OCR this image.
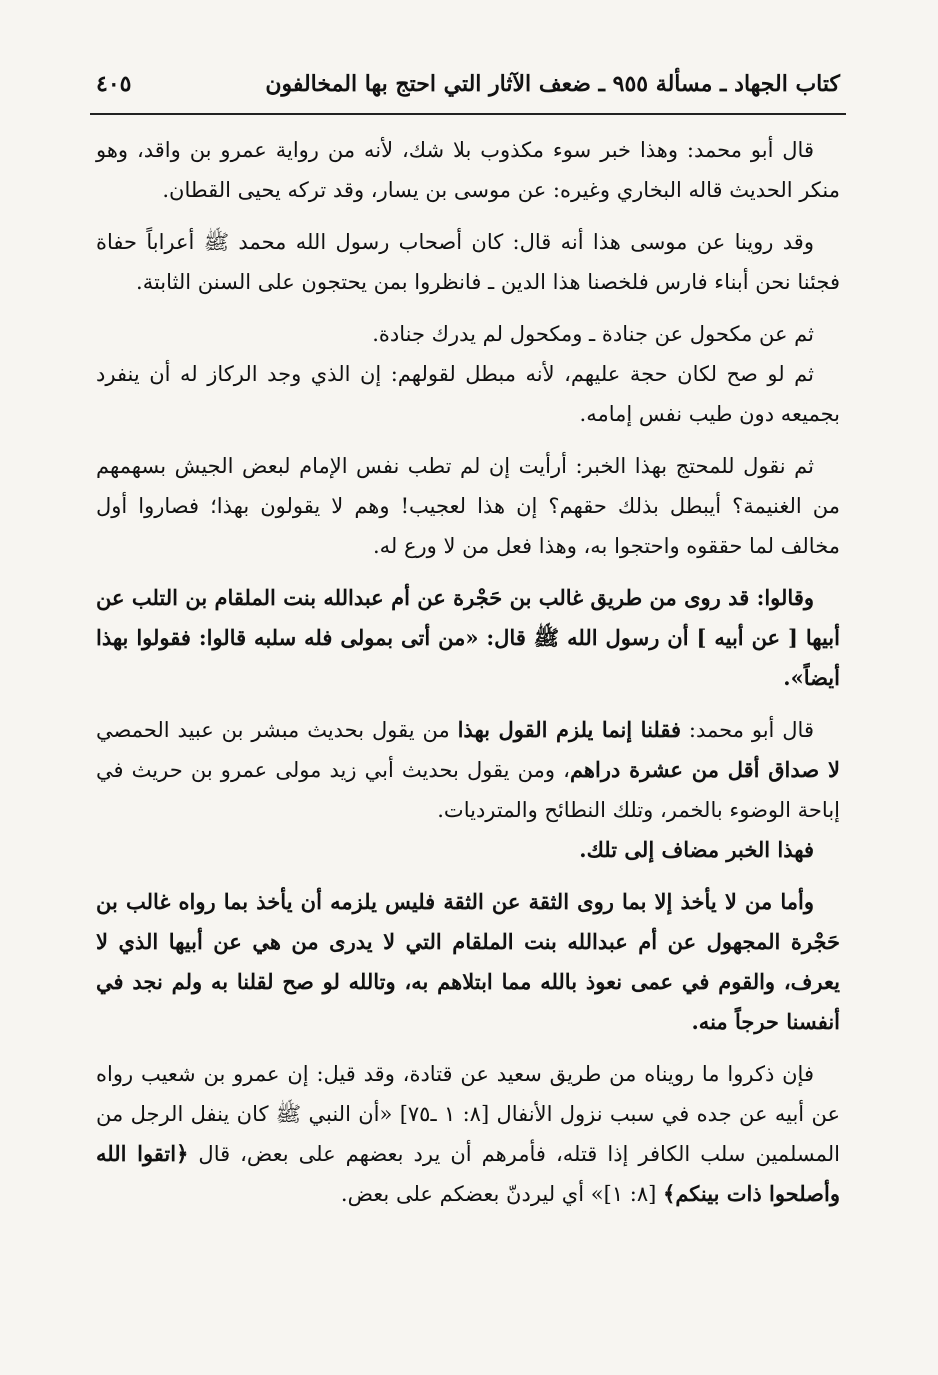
كتاب الجهاد ـ مسألة ٩٥٥ ـ ضعف الآثار التي احتج بها المخالفون
٤٠٥

قال أبو محمد: وهذا خبر سوء مكذوب بلا شك، لأنه من رواية عمرو بن واقد، وهو منكر الحديث قاله البخاري وغيره: عن موسى بن يسار، وقد تركه يحيى القطان.

وقد روينا عن موسى هذا أنه قال: كان أصحاب رسول الله محمد ﷺ أعراباً حفاة فجئنا نحن أبناء فارس فلخصنا هذا الدين ـ فانظروا بمن يحتجون على السنن الثابتة.

ثم عن مكحول عن جنادة ـ ومكحول لم يدرك جنادة.

ثم لو صح لكان حجة عليهم، لأنه مبطل لقولهم: إن الذي وجد الركاز له أن ينفرد بجميعه دون طيب نفس إمامه.

ثم نقول للمحتج بهذا الخبر: أرأيت إن لم تطب نفس الإمام لبعض الجيش بسهمهم من الغنيمة؟ أيبطل بذلك حقهم؟ إن هذا لعجيب! وهم لا يقولون بهذا؛ فصاروا أول مخالف لما حققوه واحتجوا به، وهذا فعل من لا ورع له.

وقالوا: قد روى من طريق غالب بن حَجْرة عن أم عبدالله بنت الملقام بن التلب عن أبيها [ عن أبيه ] أن رسول الله ﷺ قال: «من أتى بمولى فله سلبه قالوا: فقولوا بهذا أيضاً».

قال أبو محمد: فقلنا إنما يلزم القول بهذا من يقول بحديث مبشر بن عبيد الحمصي لا صداق أقل من عشرة دراهم، ومن يقول بحديث أبي زيد مولى عمرو بن حريث في إباحة الوضوء بالخمر، وتلك النطائح والمترديات.

فهذا الخبر مضاف إلى تلك.

وأما من لا يأخذ إلا بما روى الثقة عن الثقة فليس يلزمه أن يأخذ بما رواه غالب بن حَجْرة المجهول عن أم عبدالله بنت الملقام التي لا يدرى من هي عن أبيها الذي لا يعرف، والقوم في عمى نعوذ بالله مما ابتلاهم به، وتالله لو صح لقلنا به ولم نجد في أنفسنا حرجاً منه.

فإن ذكروا ما رويناه من طريق سعيد عن قتادة، وقد قيل: إن عمرو بن شعيب رواه عن أبيه عن جده في سبب نزول الأنفال [٨: ١ ـ٧٥] «أن النبي ﷺ كان ينفل الرجل من المسلمين سلب الكافر إذا قتله، فأمرهم أن يرد بعضهم على بعض، قال ﴿اتقوا الله وأصلحوا ذات بينكم﴾ [٨: ١]» أي ليردنّ بعضكم على بعض.
